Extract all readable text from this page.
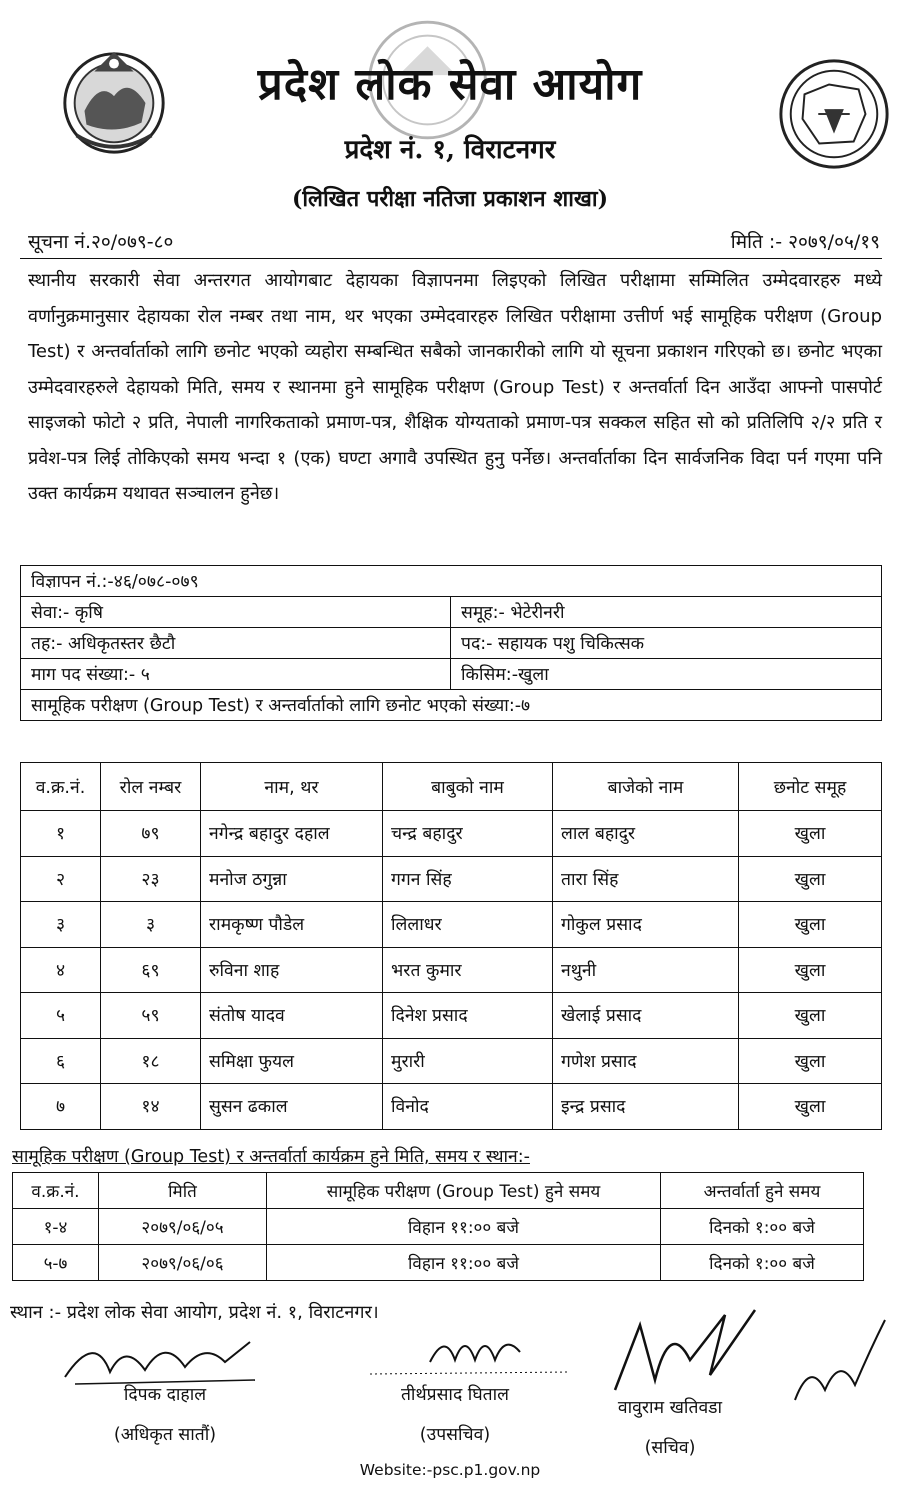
प्रदेश लोक सेवा आयोग
प्रदेश नं. १, विराटनगर
(लिखित परीक्षा नतिजा प्रकाशन शाखा)
सूचना नं.२०/०७९-८०	मिति :- २०७९/०५/१९

स्थानीय सरकारी सेवा अन्तरगत आयोगबाट देहायका विज्ञापनमा लिइएको लिखित परीक्षामा सम्मिलित उम्मेदवारहरु मध्ये वर्णानुक्रमानुसार देहायका रोल नम्बर तथा नाम, थर भएका उम्मेदवारहरु लिखित परीक्षामा उत्तीर्ण भई सामूहिक परीक्षण (Group Test) र अन्तर्वार्ताको लागि छनोट भएको व्यहोरा सम्बन्धित सबैको जानकारीको लागि यो सूचना प्रकाशन गरिएको छ। छनोट भएका उम्मेदवारहरुले देहायको मिति, समय र स्थानमा हुने सामूहिक परीक्षण (Group Test) र अन्तर्वार्ता दिन आउँदा आफ्नो पासपोर्ट साइजको फोटो २ प्रति, नेपाली नागरिकताको प्रमाण-पत्र, शैक्षिक योग्यताको प्रमाण-पत्र सक्कल सहित सो को प्रतिलिपि २/२ प्रति र प्रवेश-पत्र लिई तोकिएको समय भन्दा १ (एक) घण्टा अगावै उपस्थित हुनु पर्नेछ। अन्तर्वार्ताका दिन सार्वजनिक विदा पर्न गएमा पनि उक्त कार्यक्रम यथावत सञ्चालन हुनेछ।

विज्ञापन नं.:-४६/०७८-०७९	
सेवा:- कृषि	समूह:- भेटेरीनरी
तह:- अधिकृतस्तर छैटौ	पद:- सहायक पशु चिकित्सक
माग पद संख्या:- ५	किसिम:-खुला
सामूहिक परीक्षण (Group Test) र अन्तर्वार्ताको लागि छनोट भएको संख्या:-७	
व.क्र.नं.	रोल नम्बर	नाम, थर	बाबुको नाम	बाजेको नाम	छनोट समूह
१	७९	नगेन्द्र बहादुर दहाल	चन्द्र बहादुर	लाल बहादुर	खुला
२	२३	मनोज ठगुन्ना	गगन सिंह	तारा सिंह	खुला
३	३	रामकृष्ण पौडेल	लिलाधर	गोकुल प्रसाद	खुला
४	६९	रुविना शाह	भरत कुमार	नथुनी	खुला
५	५९	संतोष यादव	दिनेश प्रसाद	खेलाई प्रसाद	खुला
६	१८	समिक्षा फुयल	मुरारी	गणेश प्रसाद	खुला
७	१४	सुसन ढकाल	विनोद	इन्द्र प्रसाद	खुला
सामूहिक परीक्षण (Group Test) र अन्तर्वार्ता कार्यक्रम हुने मिति, समय र स्थान:-
व.क्र.नं.	मिति	सामूहिक परीक्षण (Group Test) हुने समय	अन्तर्वार्ता हुने समय
१-४	२०७९/०६/०५	विहान ११:०० बजे	दिनको १:०० बजे
५-७	२०७९/०६/०६	विहान ११:०० बजे	दिनको १:०० बजे
स्थान :- प्रदेश लोक सेवा आयोग, प्रदेश नं. १, विराटनगर।
दिपक दाहाल
(अधिकृत सातौं)
तीर्थप्रसाद घिताल
(उपसचिव)
वावुराम खतिवडा
(सचिव)
Website:-psc.p1.gov.np
